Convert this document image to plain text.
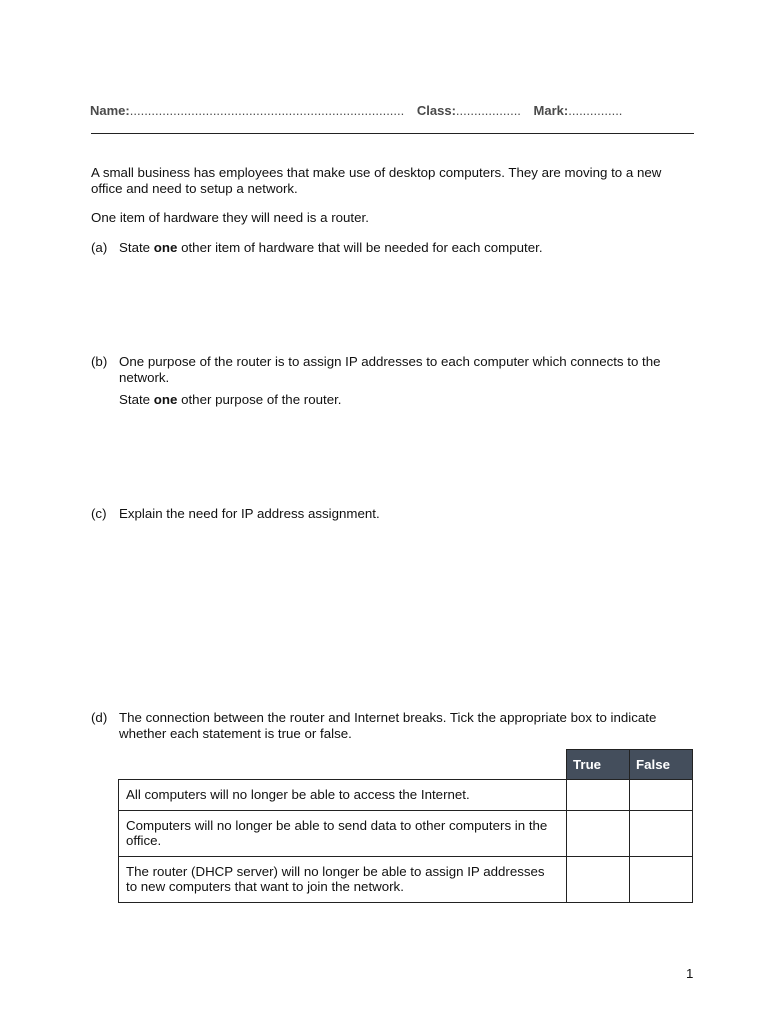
Name:............................................................................ Class:.................. Mark:...............
A small business has employees that make use of desktop computers. They are moving to a new office and need to setup a network.
One item of hardware they will need is a router.
(a) State one other item of hardware that will be needed for each computer.
(b) One purpose of the router is to assign IP addresses to each computer which connects to the network.
State one other purpose of the router.
(c) Explain the need for IP address assignment.
(d) The connection between the router and Internet breaks. Tick the appropriate box to indicate whether each statement is true or false.
	True	False
All computers will no longer be able to access the Internet.		
Computers will no longer be able to send data to other computers in the office.		
The router (DHCP server) will no longer be able to assign IP addresses to new computers that want to join the network.		
1
